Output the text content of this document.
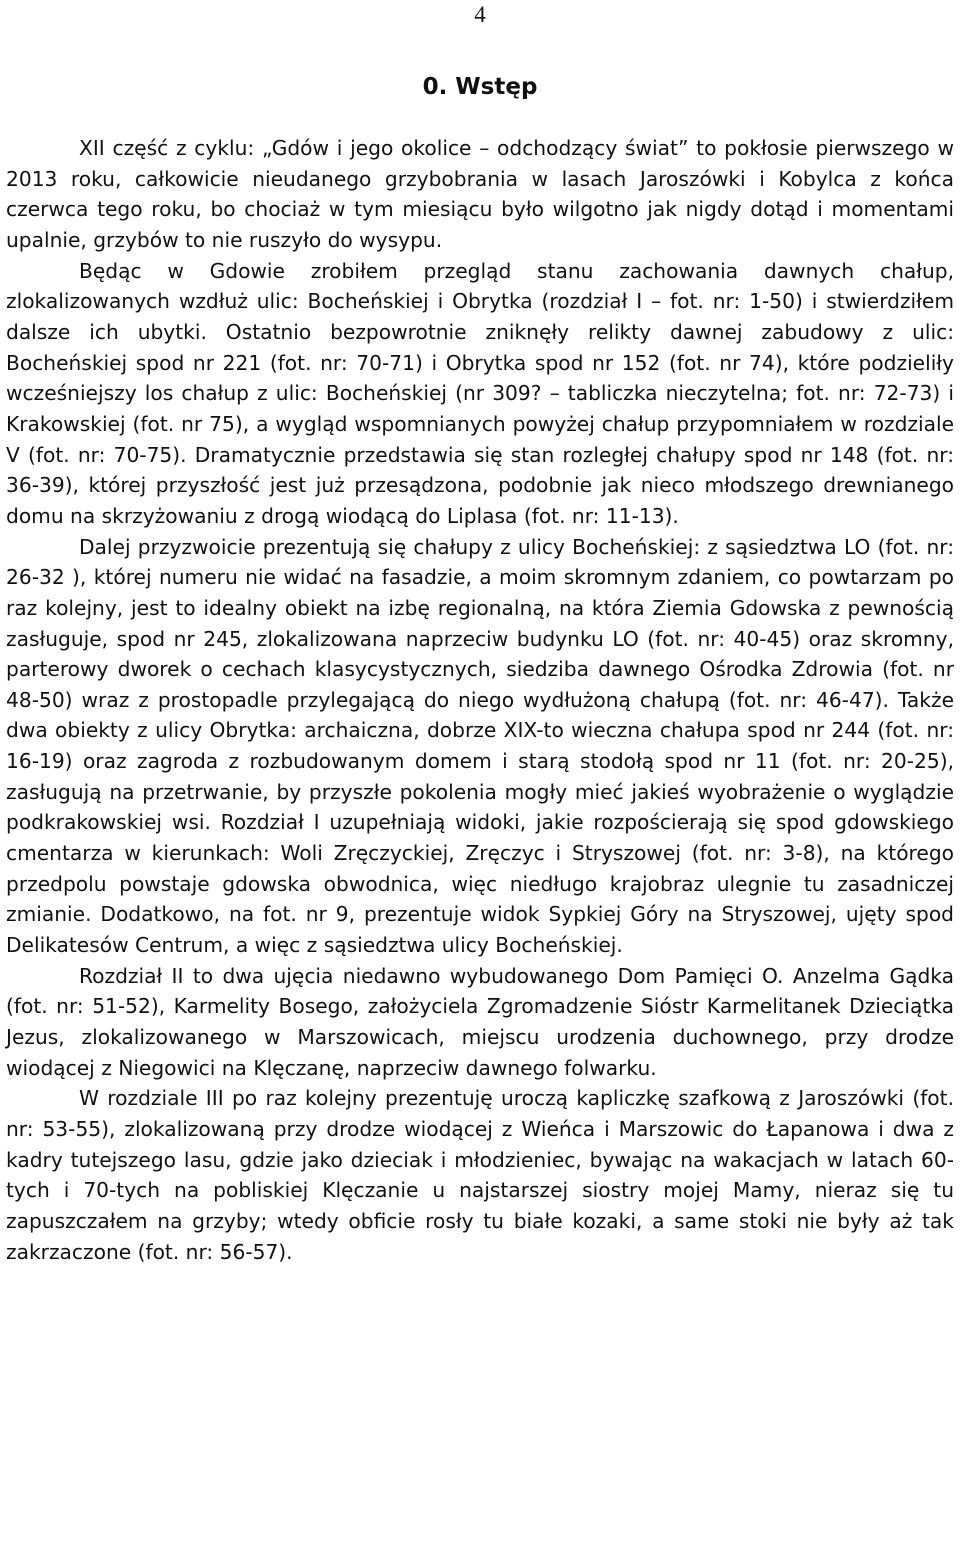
4
0. Wstęp

XII część z cyklu: „Gdów i jego okolice – odchodzący świat” to pokłosie pierwszego w 2013 roku, całkowicie nieudanego grzybobrania w lasach Jaroszówki i Kobylca z końca czerwca tego roku, bo chociaż w tym miesiącu było wilgotno jak nigdy dotąd i momentami upalnie, grzybów to nie ruszyło do wysypu.

Będąc w Gdowie zrobiłem przegląd stanu zachowania dawnych chałup, zlokalizowanych wzdłuż ulic: Bocheńskiej i Obrytka (rozdział I – fot. nr: 1-50) i stwierdziłem dalsze ich ubytki. Ostatnio bezpowrotnie zniknęły relikty dawnej zabudowy z ulic: Bocheńskiej spod nr 221 (fot. nr: 70-71) i Obrytka spod nr 152 (fot. nr 74), które podzieliły wcześniejszy los chałup z ulic: Bocheńskiej (nr 309? – tabliczka nieczytelna; fot. nr: 72-73) i Krakowskiej (fot. nr 75), a wygląd wspomnianych powyżej chałup przypomniałem w rozdziale V (fot. nr: 70-75). Dramatycznie przedstawia się stan rozległej chałupy spod nr 148 (fot. nr: 36-39), której przyszłość jest już przesądzona, podobnie jak nieco młodszego drewnianego domu na skrzyżowaniu z drogą wiodącą do Liplasa (fot. nr: 11-13).

Dalej przyzwoicie prezentują się chałupy z ulicy Bocheńskiej: z sąsiedztwa LO (fot. nr: 26-32 ), której numeru nie widać na fasadzie, a moim skromnym zdaniem, co powtarzam po raz kolejny, jest to idealny obiekt na izbę regionalną, na która Ziemia Gdowska z pewnością zasługuje, spod nr 245, zlokalizowana naprzeciw budynku LO (fot. nr: 40-45) oraz skromny, parterowy dworek o cechach klasycystycznych, siedziba dawnego Ośrodka Zdrowia (fot. nr 48-50) wraz z prostopadle przylegającą do niego wydłużoną chałupą (fot. nr: 46-47). Także dwa obiekty z ulicy Obrytka: archaiczna, dobrze XIX-to wieczna chałupa spod nr 244 (fot. nr: 16-19) oraz zagroda z rozbudowanym domem i starą stodołą spod nr 11 (fot. nr: 20-25), zasługują na przetrwanie, by przyszłe pokolenia mogły mieć jakieś wyobrażenie o wyglądzie podkrakowskiej wsi. Rozdział I uzupełniają widoki, jakie rozpościerają się spod gdowskiego cmentarza w kierunkach: Woli Zręczyckiej, Zręczyc i Stryszowej (fot. nr: 3-8), na którego przedpolu powstaje gdowska obwodnica, więc niedługo krajobraz ulegnie tu zasadniczej zmianie. Dodatkowo, na fot. nr 9, prezentuje widok Sypkiej Góry na Stryszowej, ujęty spod Delikatesów Centrum, a więc z sąsiedztwa ulicy Bocheńskiej.

Rozdział II to dwa ujęcia niedawno wybudowanego Dom Pamięci O. Anzelma Gądka (fot. nr: 51-52), Karmelity Bosego, założyciela Zgromadzenie Sióstr Karmelitanek Dzieciątka Jezus, zlokalizowanego w Marszowicach, miejscu urodzenia duchownego, przy drodze wiodącej z Niegowici na Klęczanę, naprzeciw dawnego folwarku.

W rozdziale III po raz kolejny prezentuję uroczą kapliczkę szafkową z Jaroszówki (fot. nr: 53-55), zlokalizowaną przy drodze wiodącej z Wieńca i Marszowic do Łapanowa i dwa z kadry tutejszego lasu, gdzie jako dzieciak i młodzieniec, bywając na wakacjach w latach 60-tych i 70-tych na pobliskiej Klęczanie u najstarszej siostry mojej Mamy, nieraz się tu zapuszczałem na grzyby; wtedy obficie rosły tu białe kozaki, a same stoki nie były aż tak zakrzaczone (fot. nr: 56-57).
